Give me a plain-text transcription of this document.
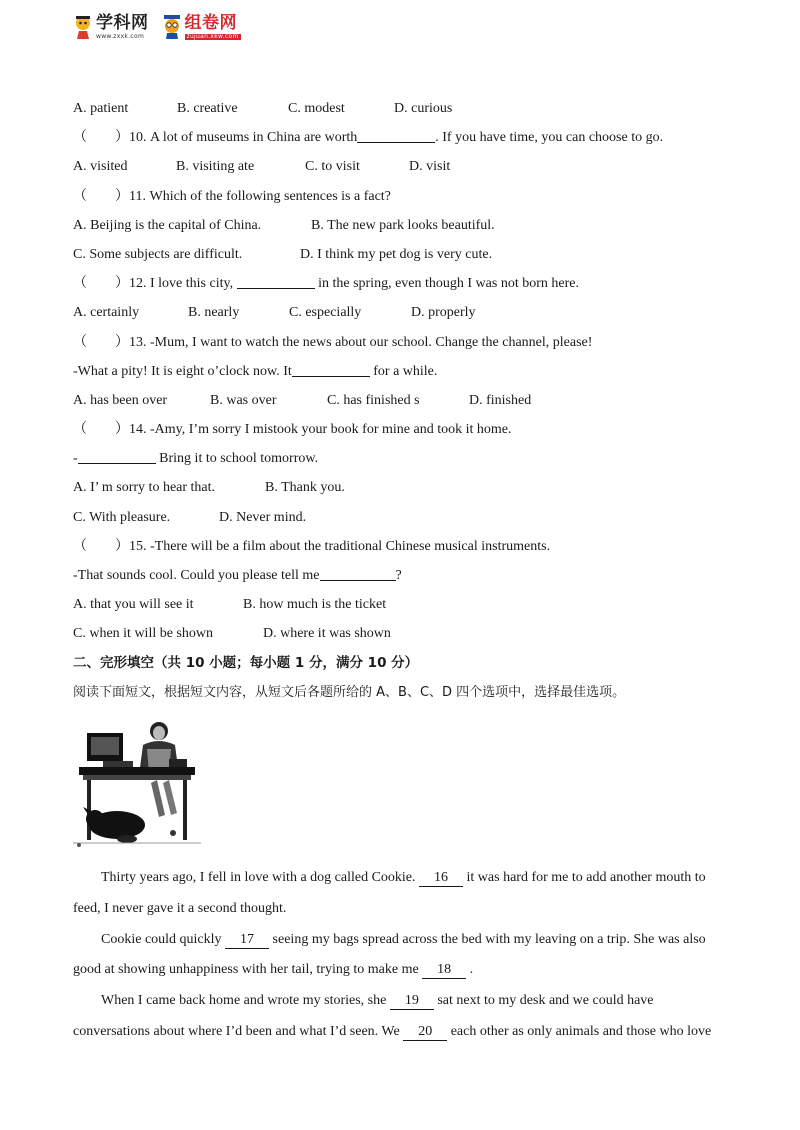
学科网
www.zxxk.com
组卷网
zujuan.xkw.com
A. patient	B. creative	C. modest	D. curious
（　　）10. A lot of museums in China are worth	. If you have time, you can choose to go.
A. visited	B. visiting ate	C. to visit	D. visit
（　　）11. Which of the following sentences is a fact?
A. Beijing is the capital of China.	B. The new park looks beautiful.
C. Some subjects are difficult.	D. I think my pet dog is very cute.
（　　）12. I love this city,	in the spring, even though I was not born here.
A. certainly	B. nearly	C. especially	D. properly
（　　）13. -Mum, I want to watch the news about our school. Change the channel, please!
-What a pity! It is eight o’clock now. It	for a while.
A. has been over	B. was over	C. has finished s	D. finished
（　　）14. -Amy, I’m sorry I mistook your book for mine and took it home.
-	Bring it to school tomorrow.
A. I’ m sorry to hear that.	B. Thank you.
C. With pleasure.	D. Never mind.
（　　）15. -There will be a film about the traditional Chinese musical instruments.
-That sounds cool. Could you please tell me	?
A. that you will see it	B. how much is the ticket
C. when it will be shown	D. where it was shown
二、完形填空（共 10 小题；每小题 1 分，满分 10 分）
阅读下面短文，根据短文内容，从短文后各题所给的 A、B、C、D 四个选项中，选择最佳选项。
Thirty years ago, I fell in love with a dog called Cookie. 16 it was hard for me to add another mouth to
feed, I never gave it a second thought.
Cookie could quickly 17 seeing my bags spread across the bed with my leaving on a trip. She was also
good at showing unhappiness with her tail, trying to make me 18 .
When I came back home and wrote my stories, she 19 sat next to my desk and we could have
conversations about where I’d been and what I’d seen. We 20 each other as only animals and those who love
